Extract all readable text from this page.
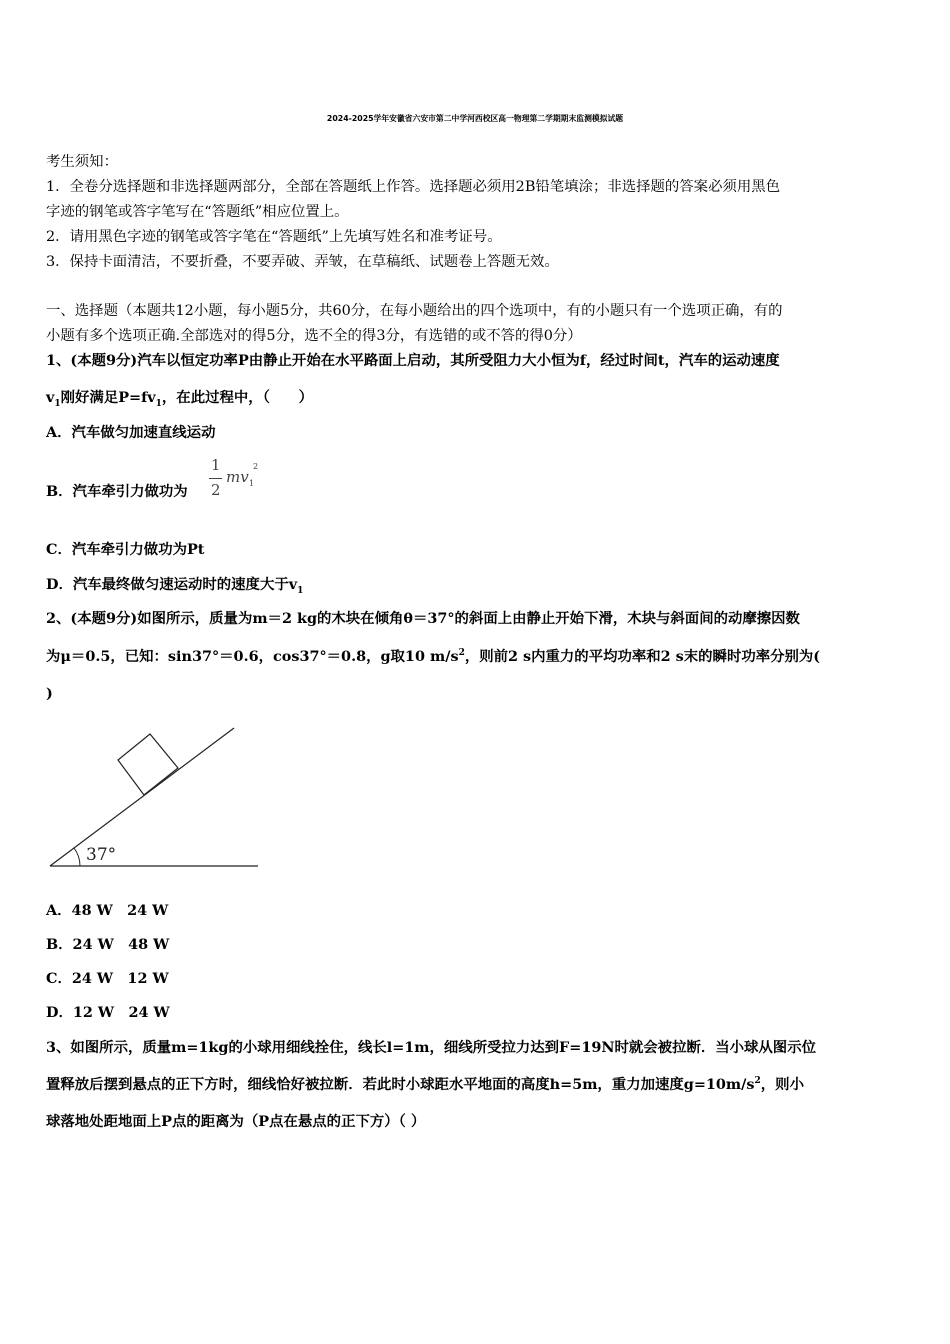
2024-2025学年安徽省六安市第二中学河西校区高一物理第二学期期末监测模拟试题
考生须知：
1．全卷分选择题和非选择题两部分，全部在答题纸上作答。选择题必须用2B铅笔填涂；非选择题的答案必须用黑色
字迹的钢笔或答字笔写在“答题纸”相应位置上。
2．请用黑色字迹的钢笔或答字笔在“答题纸”上先填写姓名和准考证号。
3．保持卡面清洁，不要折叠，不要弄破、弄皱，在草稿纸、试题卷上答题无效。
一、选择题（本题共12小题，每小题5分，共60分，在每小题给出的四个选项中，有的小题只有一个选项正确，有的
小题有多个选项正确.全部选对的得5分，选不全的得3分，有选错的或不答的得0分）
1、(本题9分)汽车以恒定功率P由静止开始在水平路面上启动，其所受阻力大小恒为f，经过时间t，汽车的运动速度
$v_1$刚好满足$P=fv_1$，在此过程中，（　　）
A．汽车做匀加速直线运动
B．汽车牵引力做功为
1
2
mv 1
2
C．汽车牵引力做功为Pt
D．汽车最终做匀速运动时的速度大于$v_1$
2、(本题9分)如图所示，质量为m＝2 kg的木块在倾角θ＝37°的斜面上由静止开始下滑，木块与斜面间的动摩擦因数
为μ＝0.5，已知：sin37°＝0.6，cos37°＝0.8，g取10 $m/s^2$，则前2 s内重力的平均功率和2 s末的瞬时功率分别为(
)
37°
A．48 W　24 W
B．24 W　48 W
C．24 W　12 W
D．12 W　24 W
3、如图所示，质量m=1kg的小球用细线拴住，线长l=1m，细线所受拉力达到F=19N时就会被拉断．当小球从图示位
置释放后摆到悬点的正下方时，细线恰好被拉断．若此时小球距水平地面的高度h=5m，重力加速度$g=10m/s^2$，则小
球落地处距地面上P点的距离为（P点在悬点的正下方）（ ）
